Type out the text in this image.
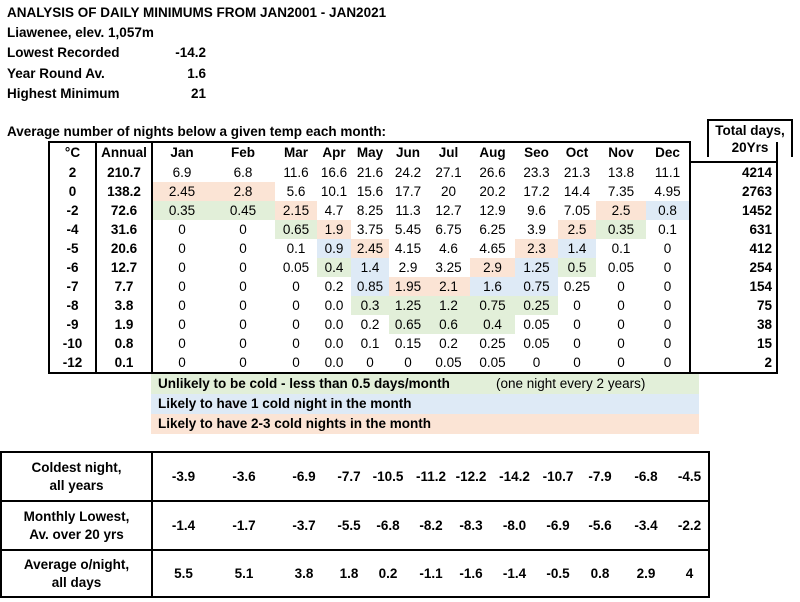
ANALYSIS OF DAILY MINIMUMS FROM JAN2001 - JAN2021
Liawenee, elev. 1,057m
Lowest Recorded	-14.2
Year Round Av.	1.6
Highest Minimum	21
Average number of nights below a given temp each month:	Total days,
20Yrs
°C	Annual	Jan	Feb	Mar	Apr	May	Jun	Jul	Aug	Seo	Oct	Nov	Dec	
2	210.7	6.9	6.8	11.6	16.6	21.6	24.2	27.1	26.6	23.3	21.3	13.8	11.1	4214
0	138.2	2.45	2.8	5.6	10.1	15.6	17.7	20	20.2	17.2	14.4	7.35	4.95	2763
-2	72.6	0.35	0.45	2.15	4.7	8.25	11.3	12.7	12.9	9.6	7.05	2.5	0.8	1452
-4	31.6	0	0	0.65	1.9	3.75	5.45	6.75	6.25	3.9	2.5	0.35	0.1	631
-5	20.6	0	0	0.1	0.9	2.45	4.15	4.6	4.65	2.3	1.4	0.1	0	412
-6	12.7	0	0	0.05	0.4	1.4	2.9	3.25	2.9	1.25	0.5	0.05	0	254
-7	7.7	0	0	0	0.2	0.85	1.95	2.1	1.6	0.75	0.25	0	0	154
-8	3.8	0	0	0	0.0	0.3	1.25	1.2	0.75	0.25	0	0	0	75
-9	1.9	0	0	0	0.0	0.2	0.65	0.6	0.4	0.05	0	0	0	38
-10	0.8	0	0	0	0.0	0.1	0.15	0.2	0.25	0.05	0	0	0	15
-12	0.1	0	0	0	0.0	0	0	0.05	0.05	0	0	0	0	2
Unlikely to be cold - less than 0.5 days/month	(one night every 2 years)
Likely to have 1 cold night in the month
Likely to have 2-3 cold nights in the month
Coldest night,
all years	-3.9	-3.6	-6.9	-7.7	-10.5	-11.2	-12.2	-14.2	-10.7	-7.9	-6.8	-4.5

Monthly Lowest,
Av. over 20 yrs	-1.4	-1.7	-3.7	-5.5	-6.8	-8.2	-8.3	-8.0	-6.9	-5.6	-3.4	-2.2

Average o/night,
all days	5.5	5.1	3.8	1.8	0.2	-1.1	-1.6	-1.4	-0.5	0.8	2.9	4
